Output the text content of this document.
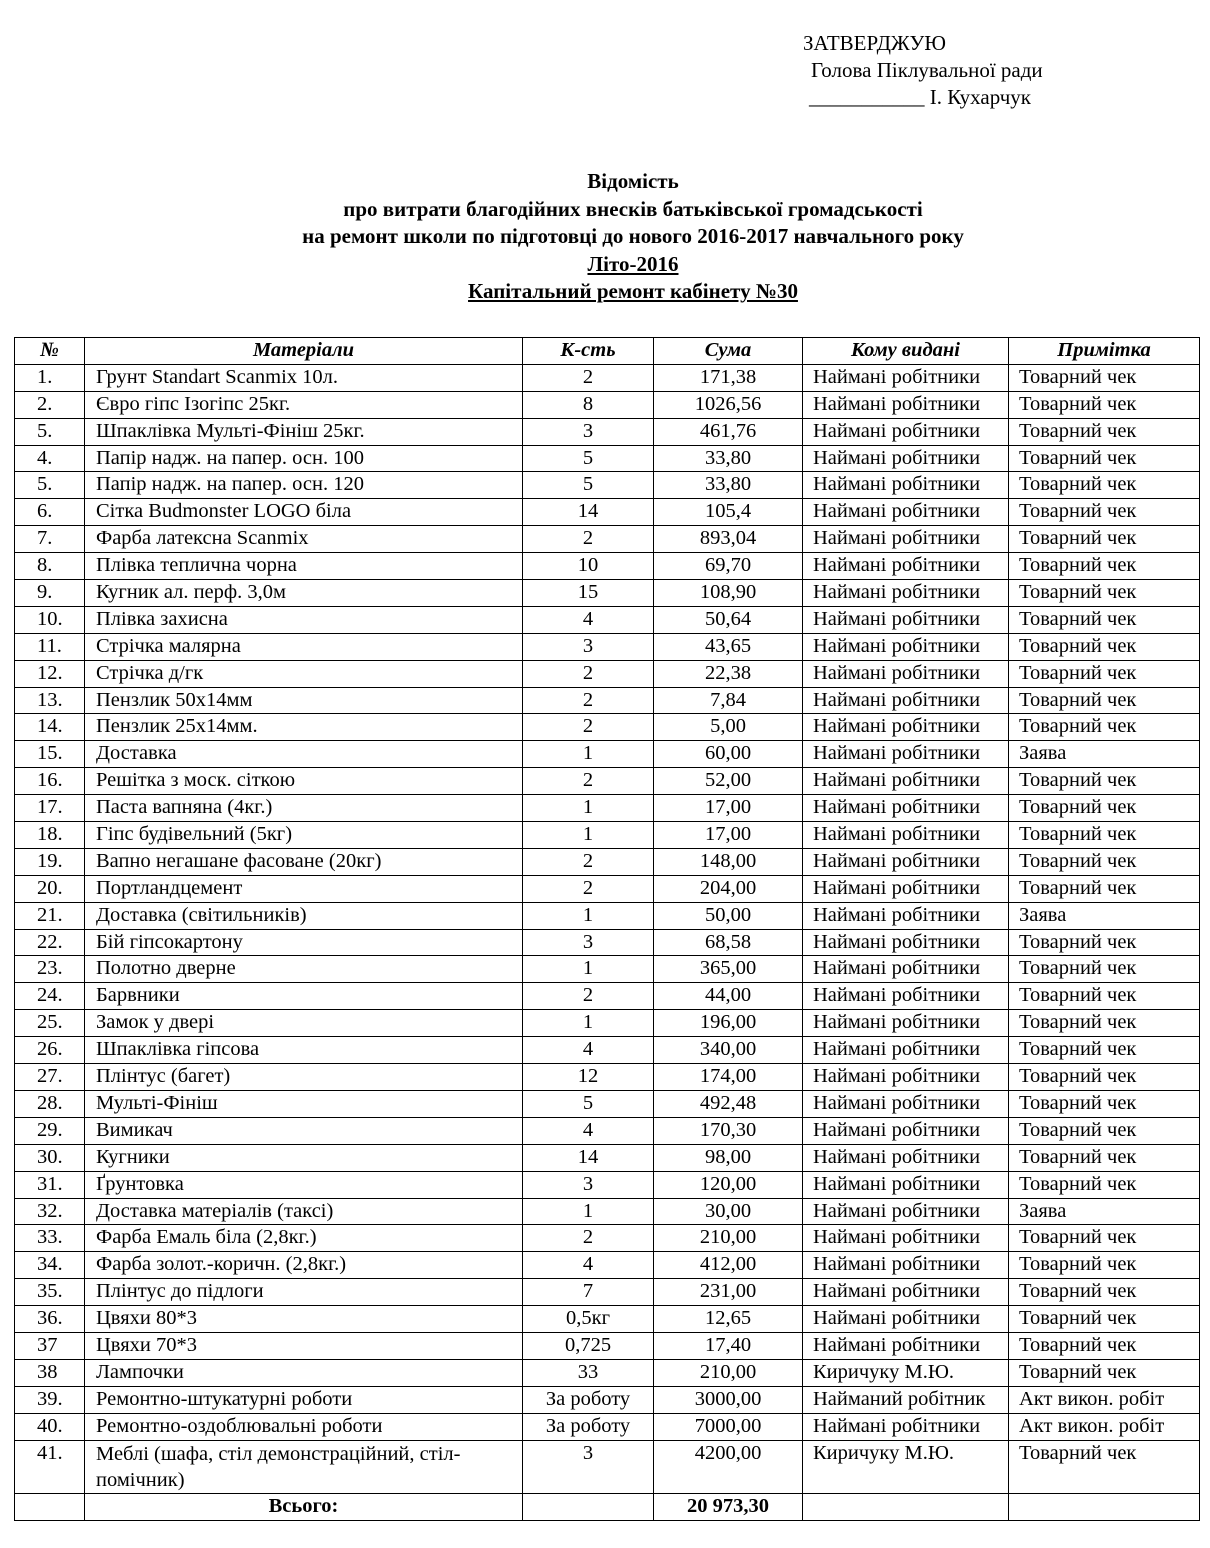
ЗАТВЕРДЖУЮ
Голова Піклувальної ради
___________ І. Кухарчук
Відомість
про витрати благодійних внесків батьківської громадськості
на ремонт школи по підготовці до нового 2016-2017 навчального року
Літо-2016
Капітальний ремонт кабінету №30
№	Матеріали	К-сть	Сума	Кому видані	Примітка
1.	Грунт Standart Scanmix 10л.	2	171,38	Наймані робітники	Товарний чек
2.	Євро гіпс Ізогіпс 25кг.	8	1026,56	Наймані робітники	Товарний чек
5.	Шпаклівка Мульті-Фініш 25кг.	3	461,76	Наймані робітники	Товарний чек
4.	Папір надж. на папер. осн. 100	5	33,80	Наймані робітники	Товарний чек
5.	Папір надж. на папер. осн. 120	5	33,80	Наймані робітники	Товарний чек
6.	Сітка Budmonster LOGO біла	14	105,4	Наймані робітники	Товарний чек
7.	Фарба латексна Scanmix	2	893,04	Наймані робітники	Товарний чек
8.	Плівка теплична чорна	10	69,70	Наймані робітники	Товарний чек
9.	Кугник ал. перф. 3,0м	15	108,90	Наймані робітники	Товарний чек
10.	Плівка захисна	4	50,64	Наймані робітники	Товарний чек
11.	Стрічка малярна	3	43,65	Наймані робітники	Товарний чек
12.	Стрічка д/гк	2	22,38	Наймані робітники	Товарний чек
13.	Пензлик 50х14мм	2	7,84	Наймані робітники	Товарний чек
14.	Пензлик 25х14мм.	2	5,00	Наймані робітники	Товарний чек
15.	Доставка	1	60,00	Наймані робітники	Заява
16.	Решітка з моск. сіткою	2	52,00	Наймані робітники	Товарний чек
17.	Паста вапняна (4кг.)	1	17,00	Наймані робітники	Товарний чек
18.	Гіпс будівельний (5кг)	1	17,00	Наймані робітники	Товарний чек
19.	Вапно негашане фасоване (20кг)	2	148,00	Наймані робітники	Товарний чек
20.	Портландцемент	2	204,00	Наймані робітники	Товарний чек
21.	Доставка (світильників)	1	50,00	Наймані робітники	Заява
22.	Бій гіпсокартону	3	68,58	Наймані робітники	Товарний чек
23.	Полотно дверне	1	365,00	Наймані робітники	Товарний чек
24.	Барвники	2	44,00	Наймані робітники	Товарний чек
25.	Замок у двері	1	196,00	Наймані робітники	Товарний чек
26.	Шпаклівка гіпсова	4	340,00	Наймані робітники	Товарний чек
27.	Плінтус (багет)	12	174,00	Наймані робітники	Товарний чек
28.	Мульті-Фініш	5	492,48	Наймані робітники	Товарний чек
29.	Вимикач	4	170,30	Наймані робітники	Товарний чек
30.	Кугники	14	98,00	Наймані робітники	Товарний чек
31.	Ґрунтовка	3	120,00	Наймані робітники	Товарний чек
32.	Доставка матеріалів (таксі)	1	30,00	Наймані робітники	Заява
33.	Фарба Емаль біла (2,8кг.)	2	210,00	Наймані робітники	Товарний чек
34.	Фарба золот.-коричн. (2,8кг.)	4	412,00	Наймані робітники	Товарний чек
35.	Плінтус до підлоги	7	231,00	Наймані робітники	Товарний чек
36.	Цвяхи 80*3	0,5кг	12,65	Наймані робітники	Товарний чек
37	Цвяхи 70*3	0,725	17,40	Наймані робітники	Товарний чек
38	Лампочки	33	210,00	Киричуку М.Ю.	Товарний чек
39.	Ремонтно-штукатурні роботи	За роботу	3000,00	Найманий робітник	Акт викон. робіт
40.	Ремонтно-оздоблювальні роботи	За роботу	7000,00	Наймані робітники	Акт викон. робіт
41.	Меблі (шафа, стіл демонстраційний, стіл-помічник)	3	4200,00	Киричуку М.Ю.	Товарний чек
	Всього:		20 973,30		
